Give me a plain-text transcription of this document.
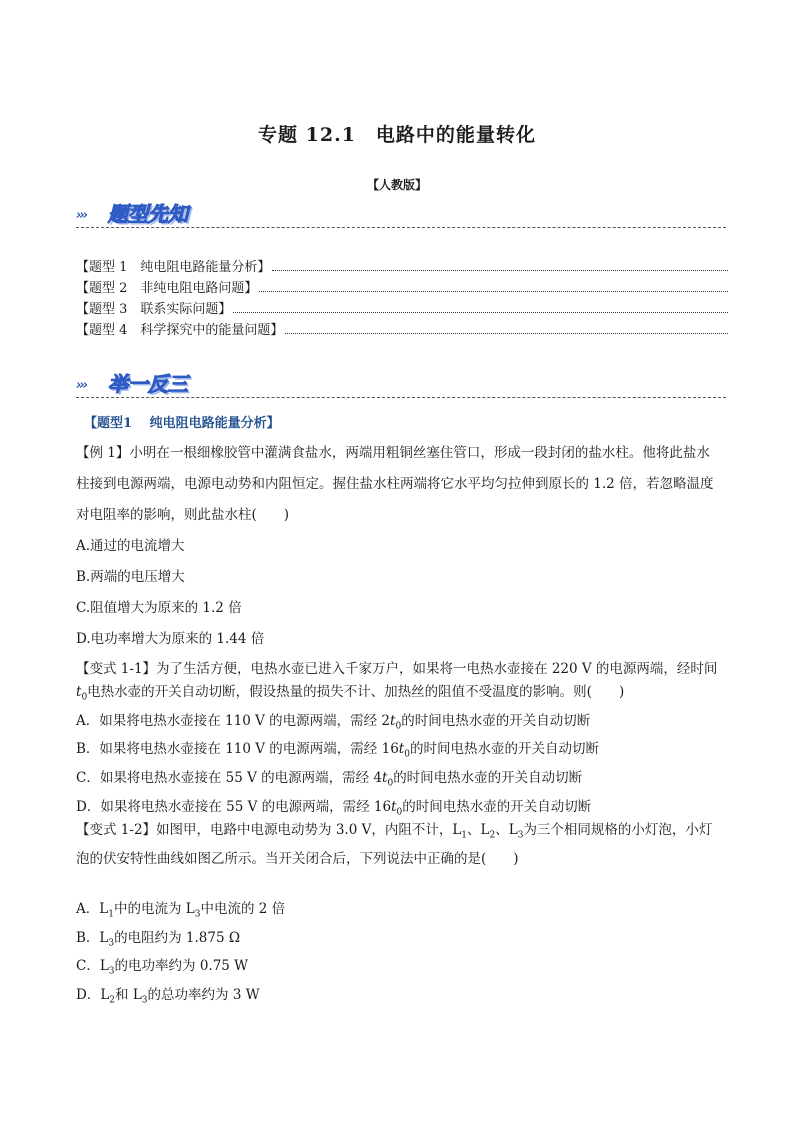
专题 12.1　电路中的能量转化
【人教版】
››› 题型先知
【题型 1　纯电阻电路能量分析】
【题型 2　非纯电阻电路问题】
【题型 3　联系实际问题】
【题型 4　科学探究中的能量问题】
››› 举一反三
【题型1　 纯电阻电路能量分析】
【例 1】小明在一根细橡胶管中灌满食盐水，两端用粗铜丝塞住管口，形成一段封闭的盐水柱。他将此盐水
柱接到电源两端，电源电动势和内阻恒定。握住盐水柱两端将它水平均匀拉伸到原长的 1.2 倍，若忽略温度
对电阻率的影响，则此盐水柱(　　)
A.通过的电流增大
B.两端的电压增大
C.阻值增大为原来的 1.2 倍
D.电功率增大为原来的 1.44 倍
【变式 1-1】为了生活方便，电热水壶已进入千家万户，如果将一电热水壶接在 220 V 的电源两端，经时间
$t_0$电热水壶的开关自动切断，假设热量的损失不计、加热丝的阻值不受温度的影响。则(　　)
A．如果将电热水壶接在 110 V 的电源两端，需经 $2t_0$的时间电热水壶的开关自动切断
B．如果将电热水壶接在 110 V 的电源两端，需经 $16t_0$的时间电热水壶的开关自动切断
C．如果将电热水壶接在 55 V 的电源两端，需经 $4t_0$的时间电热水壶的开关自动切断
D．如果将电热水壶接在 55 V 的电源两端，需经 $16t_0$的时间电热水壶的开关自动切断
【变式 1-2】如图甲，电路中电源电动势为 3.0 V，内阻不计，$L_1$、$L_2$、$L_3$为三个相同规格的小灯泡，小灯
泡的伏安特性曲线如图乙所示。当开关闭合后，下列说法中正确的是(　　)
A．$L_1$中的电流为 $L_3$中电流的 2 倍
B．$L_3$的电阻约为 1.875 Ω
C．$L_3$的电功率约为 0.75 W
D．$L_2$和 $L_3$的总功率约为 3 W
